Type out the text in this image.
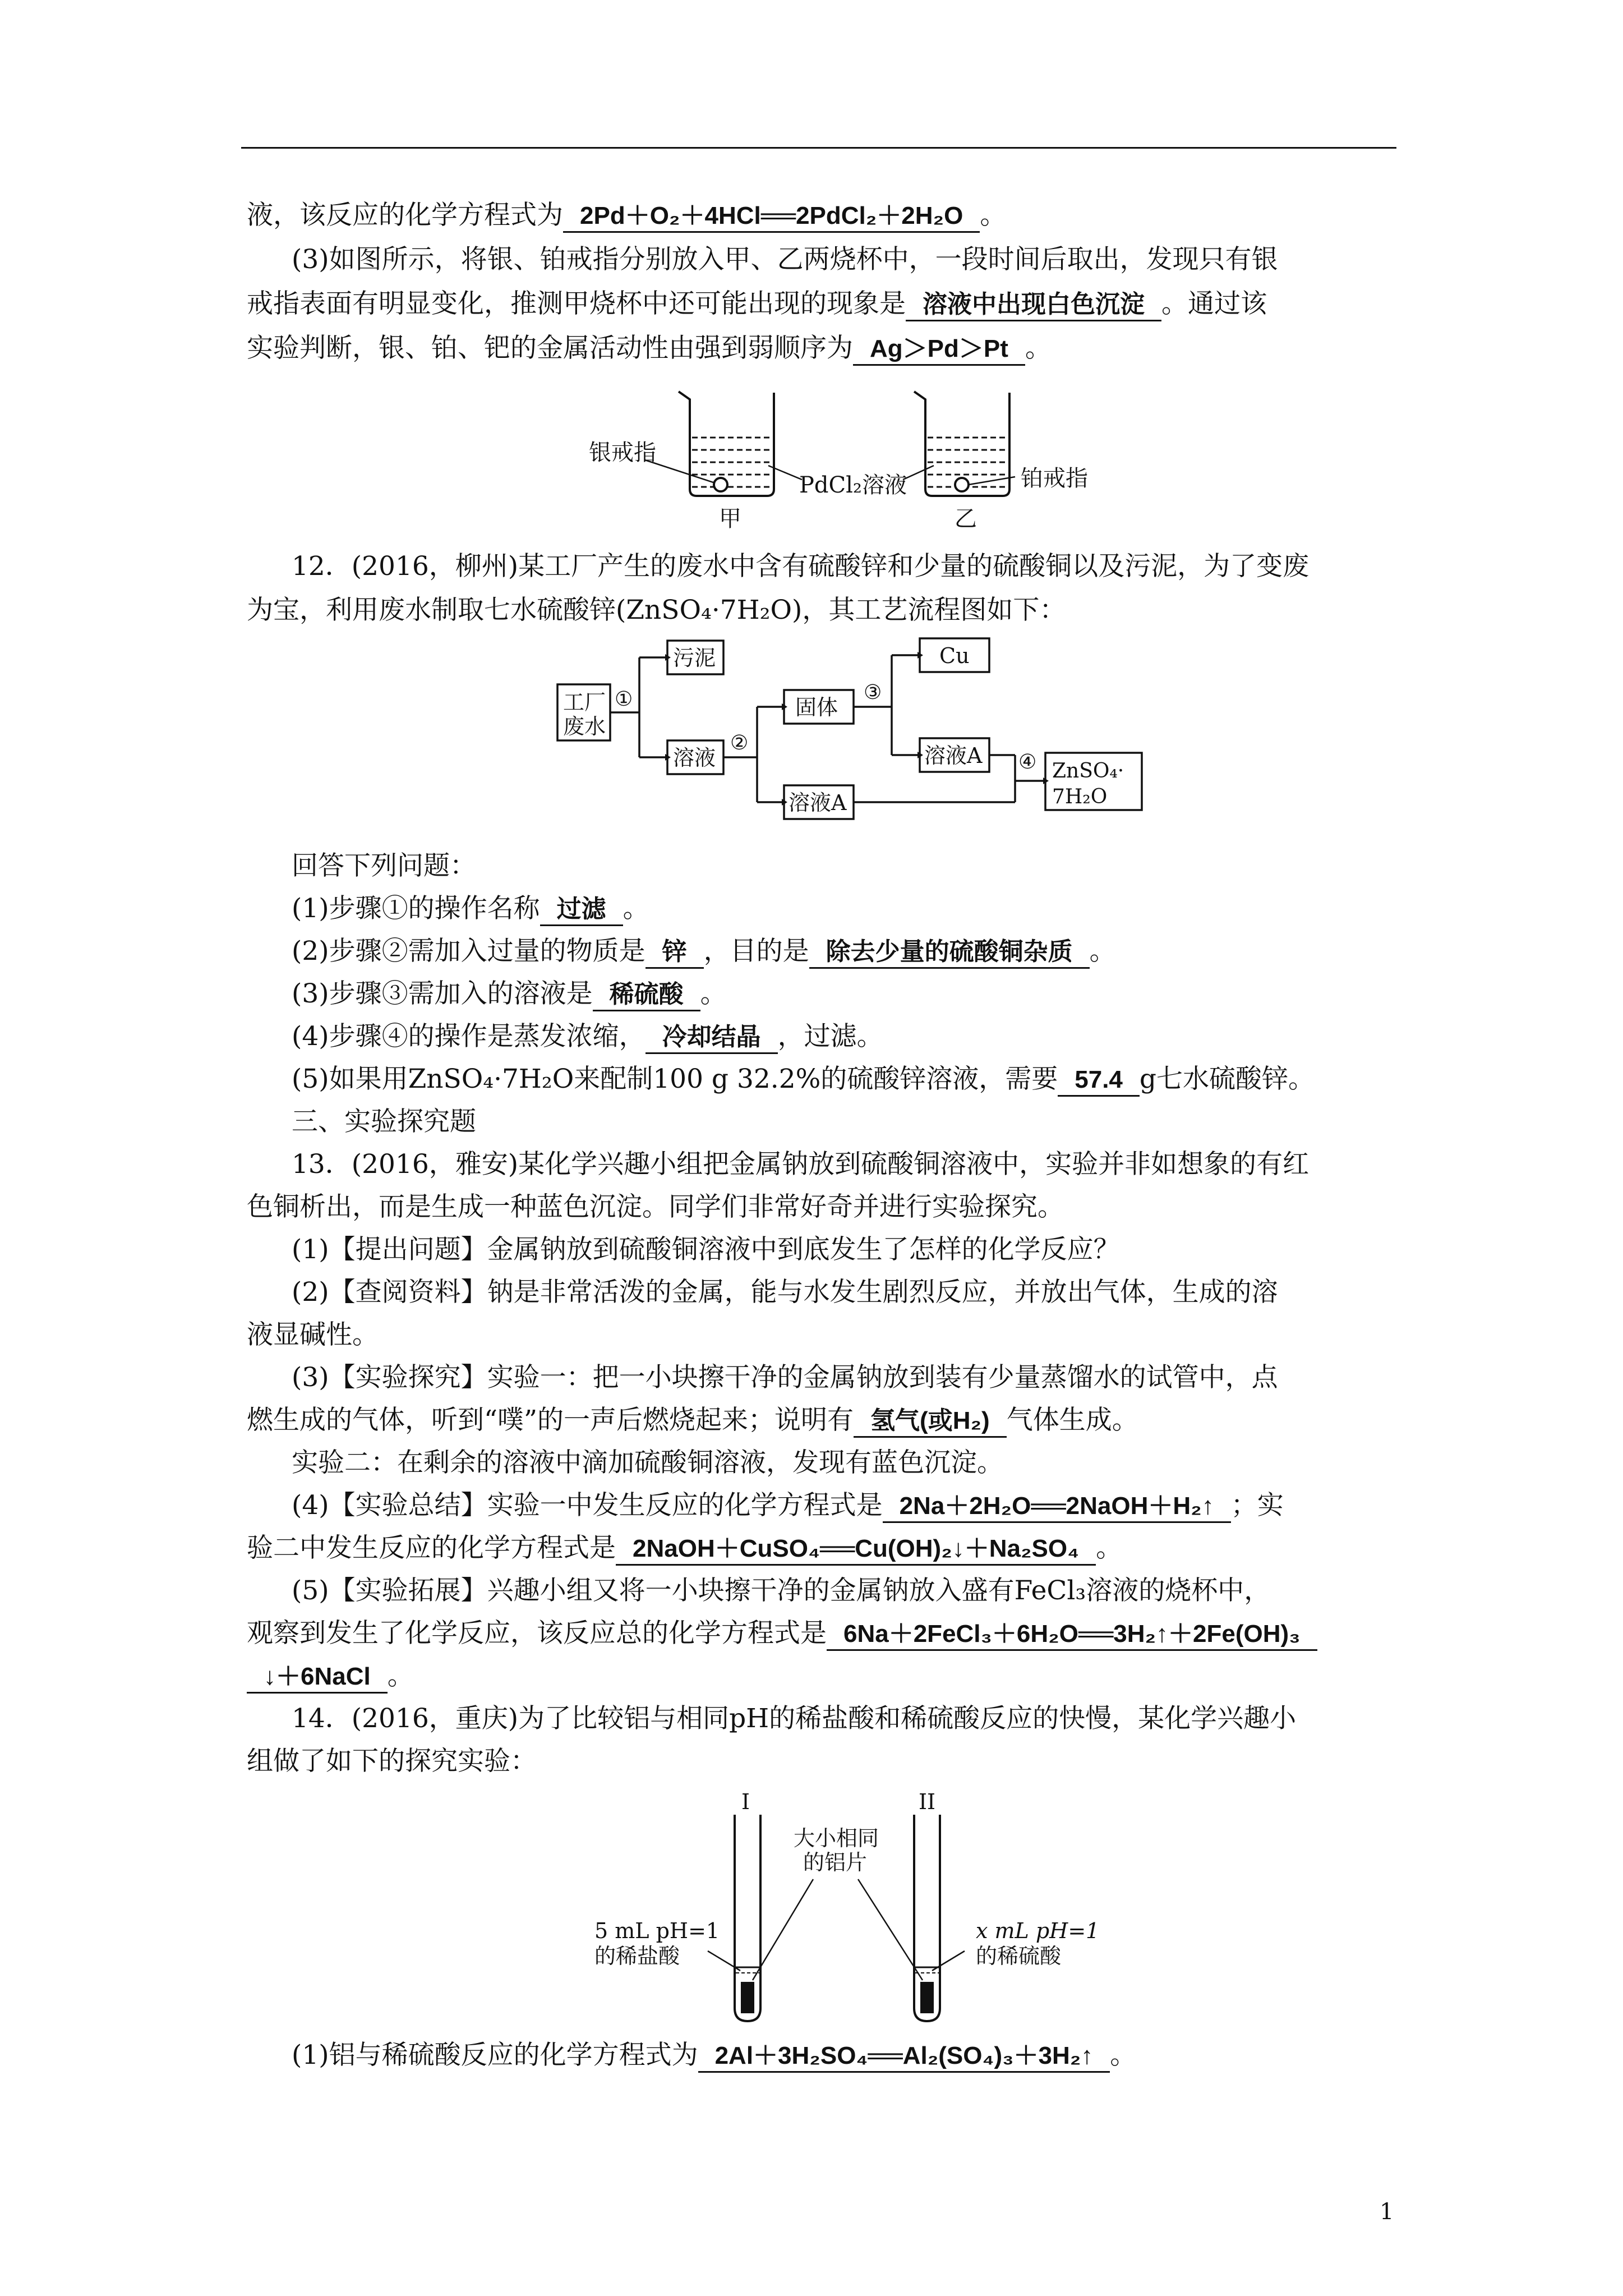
液，该反应的化学方程式为 2Pd＋O₂＋4HCl══2PdCl₂＋2H₂O 。
(3)如图所示，将银、铂戒指分别放入甲、乙两烧杯中，一段时间后取出，发现只有银
戒指表面有明显变化，推测甲烧杯中还可能出现的现象是 溶液中出现白色沉淀 。通过该
实验判断，银、铂、钯的金属活动性由强到弱顺序为 Ag＞Pd＞Pt 。
银戒指
PdCl₂溶液	铂戒指
甲	乙
12．(2016，柳州)某工厂产生的废水中含有硫酸锌和少量的硫酸铜以及污泥，为了变废
为宝，利用废水制取七水硫酸锌(ZnSO₄·7H₂O)，其工艺流程图如下：
工厂
废水
污泥
溶液
固体
溶液A
Cu
溶液A
ZnSO₄·
7H₂O
①
②
③
④
回答下列问题：
(1)步骤①的操作名称 过滤 。
(2)步骤②需加入过量的物质是 锌 ，目的是 除去少量的硫酸铜杂质 。
(3)步骤③需加入的溶液是 稀硫酸 。
(4)步骤④的操作是蒸发浓缩， 冷却结晶 ，过滤。
(5)如果用ZnSO₄·7H₂O来配制100 g 32.2%的硫酸锌溶液，需要 57.4 g七水硫酸锌。
三、实验探究题
13．(2016，雅安)某化学兴趣小组把金属钠放到硫酸铜溶液中，实验并非如想象的有红
色铜析出，而是生成一种蓝色沉淀。同学们非常好奇并进行实验探究。
(1)【提出问题】金属钠放到硫酸铜溶液中到底发生了怎样的化学反应？
(2)【查阅资料】钠是非常活泼的金属，能与水发生剧烈反应，并放出气体，生成的溶
液显碱性。
(3)【实验探究】实验一：把一小块擦干净的金属钠放到装有少量蒸馏水的试管中，点
燃生成的气体，听到“噗”的一声后燃烧起来；说明有 氢气(或H₂) 气体生成。
实验二：在剩余的溶液中滴加硫酸铜溶液，发现有蓝色沉淀。
(4)【实验总结】实验一中发生反应的化学方程式是 2Na＋2H₂O══2NaOH＋H₂↑ ；实
验二中发生反应的化学方程式是 2NaOH＋CuSO₄══Cu(OH)₂↓＋Na₂SO₄ 。
(5)【实验拓展】兴趣小组又将一小块擦干净的金属钠放入盛有FeCl₃溶液的烧杯中，
观察到发生了化学反应，该反应总的化学方程式是 6Na＋2FeCl₃＋6H₂O══3H₂↑＋2Fe(OH)₃
↓＋6NaCl 。
14．(2016，重庆)为了比较铝与相同pH的稀盐酸和稀硫酸反应的快慢，某化学兴趣小
组做了如下的探究实验：
I	II
大小相同
的铝片
5 mL pH=1
的稀盐酸
x mL pH=1
的稀硫酸
(1)铝与稀硫酸反应的化学方程式为 2Al＋3H₂SO₄══Al₂(SO₄)₃＋3H₂↑ 。
1
